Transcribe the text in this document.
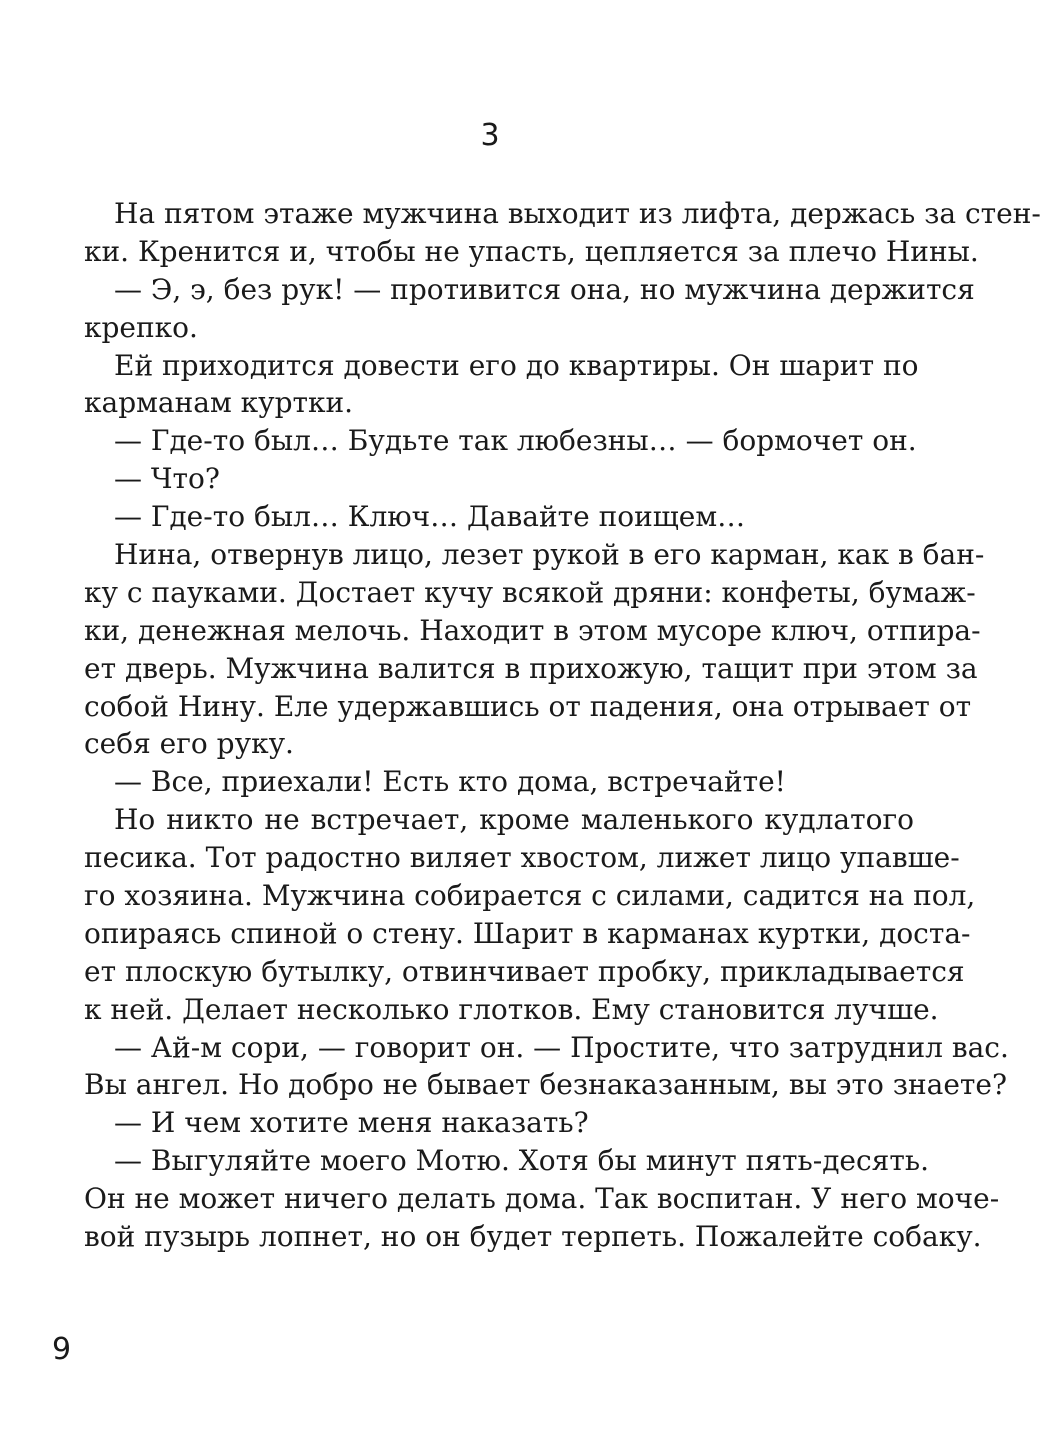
3
На пятом этаже мужчина выходит из лифта, держась за стен-
ки. Кренится и, чтобы не упасть, цепляется за плечо Нины.
— Э, э, без рук! — противится она, но мужчина держится
крепко.
Ей приходится довести его до квартиры. Он шарит по
карманам куртки.
— Где-то был… Будьте так любезны… — бормочет он.
— Что?
— Где-то был… Ключ… Давайте поищем…
Нина, отвернув лицо, лезет рукой в его карман, как в бан-
ку с пауками. Достает кучу всякой дряни: конфеты, бумаж-
ки, денежная мелочь. Находит в этом мусоре ключ, отпира-
ет дверь. Мужчина валится в прихожую, тащит при этом за
собой Нину. Еле удержавшись от падения, она отрывает от
себя его руку.
— Все, приехали! Есть кто дома, встречайте!
Но никто не встречает, кроме маленького кудлатого
песика. Тот радостно виляет хвостом, лижет лицо упавше-
го хозяина. Мужчина собирается с силами, садится на пол,
опираясь спиной о стену. Шарит в карманах куртки, доста-
ет плоскую бутылку, отвинчивает пробку, прикладывается
к ней. Делает несколько глотков. Ему становится лучше.
— Ай-м сори, — говорит он. — Простите, что затруднил вас.
Вы ангел. Но добро не бывает безнаказанным, вы это знаете?
— И чем хотите меня наказать?
— Выгуляйте моего Мотю. Хотя бы минут пять-десять.
Он не может ничего делать дома. Так воспитан. У него моче-
вой пузырь лопнет, но он будет терпеть. Пожалейте собаку.
9
